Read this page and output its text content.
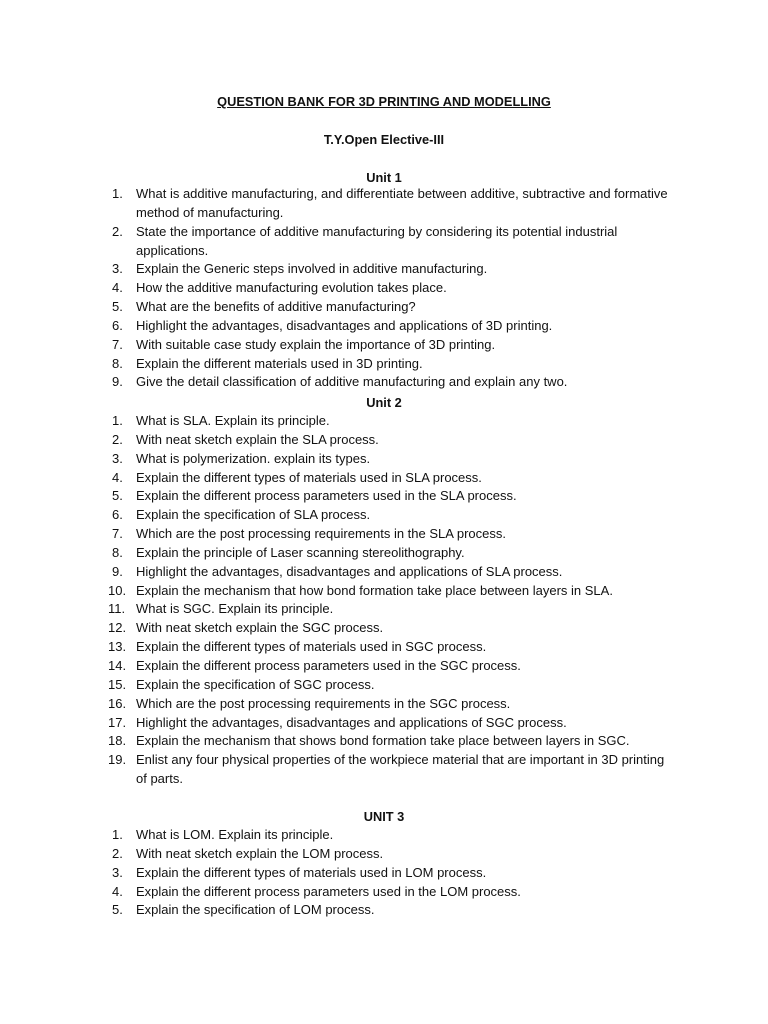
QUESTION BANK FOR 3D PRINTING AND MODELLING
T.Y.Open Elective-III
Unit 1
1. What is additive manufacturing, and differentiate between additive, subtractive and formative method of manufacturing.
2. State the importance of additive manufacturing by considering its potential industrial applications.
3. Explain the Generic steps involved in additive manufacturing.
4. How the additive manufacturing evolution takes place.
5. What are the benefits of additive manufacturing?
6. Highlight the advantages, disadvantages and applications of 3D printing.
7. With suitable case study explain the importance of 3D printing.
8. Explain the different materials used in 3D printing.
9. Give the detail classification of additive manufacturing and explain any two.
Unit 2
1. What is SLA. Explain its principle.
2. With neat sketch explain the SLA process.
3. What is polymerization. explain its types.
4. Explain the different types of materials used in SLA process.
5. Explain the different process parameters used in the SLA process.
6. Explain the specification of SLA process.
7. Which are the post processing requirements in the SLA process.
8. Explain the principle of Laser scanning stereolithography.
9. Highlight the advantages, disadvantages and applications of SLA process.
10. Explain the mechanism that how bond formation take place between layers in SLA.
11. What is SGC. Explain its principle.
12. With neat sketch explain the SGC process.
13. Explain the different types of materials used in SGC process.
14. Explain the different process parameters used in the SGC process.
15. Explain the specification of SGC process.
16. Which are the post processing requirements in the SGC process.
17. Highlight the advantages, disadvantages and applications of SGC process.
18. Explain the mechanism that shows bond formation take place between layers in SGC.
19. Enlist any four physical properties of the workpiece material that are important in 3D printing of parts.
UNIT 3
1. What is LOM. Explain its principle.
2. With neat sketch explain the LOM process.
3. Explain the different types of materials used in LOM process.
4. Explain the different process parameters used in the LOM process.
5. Explain the specification of LOM process.
